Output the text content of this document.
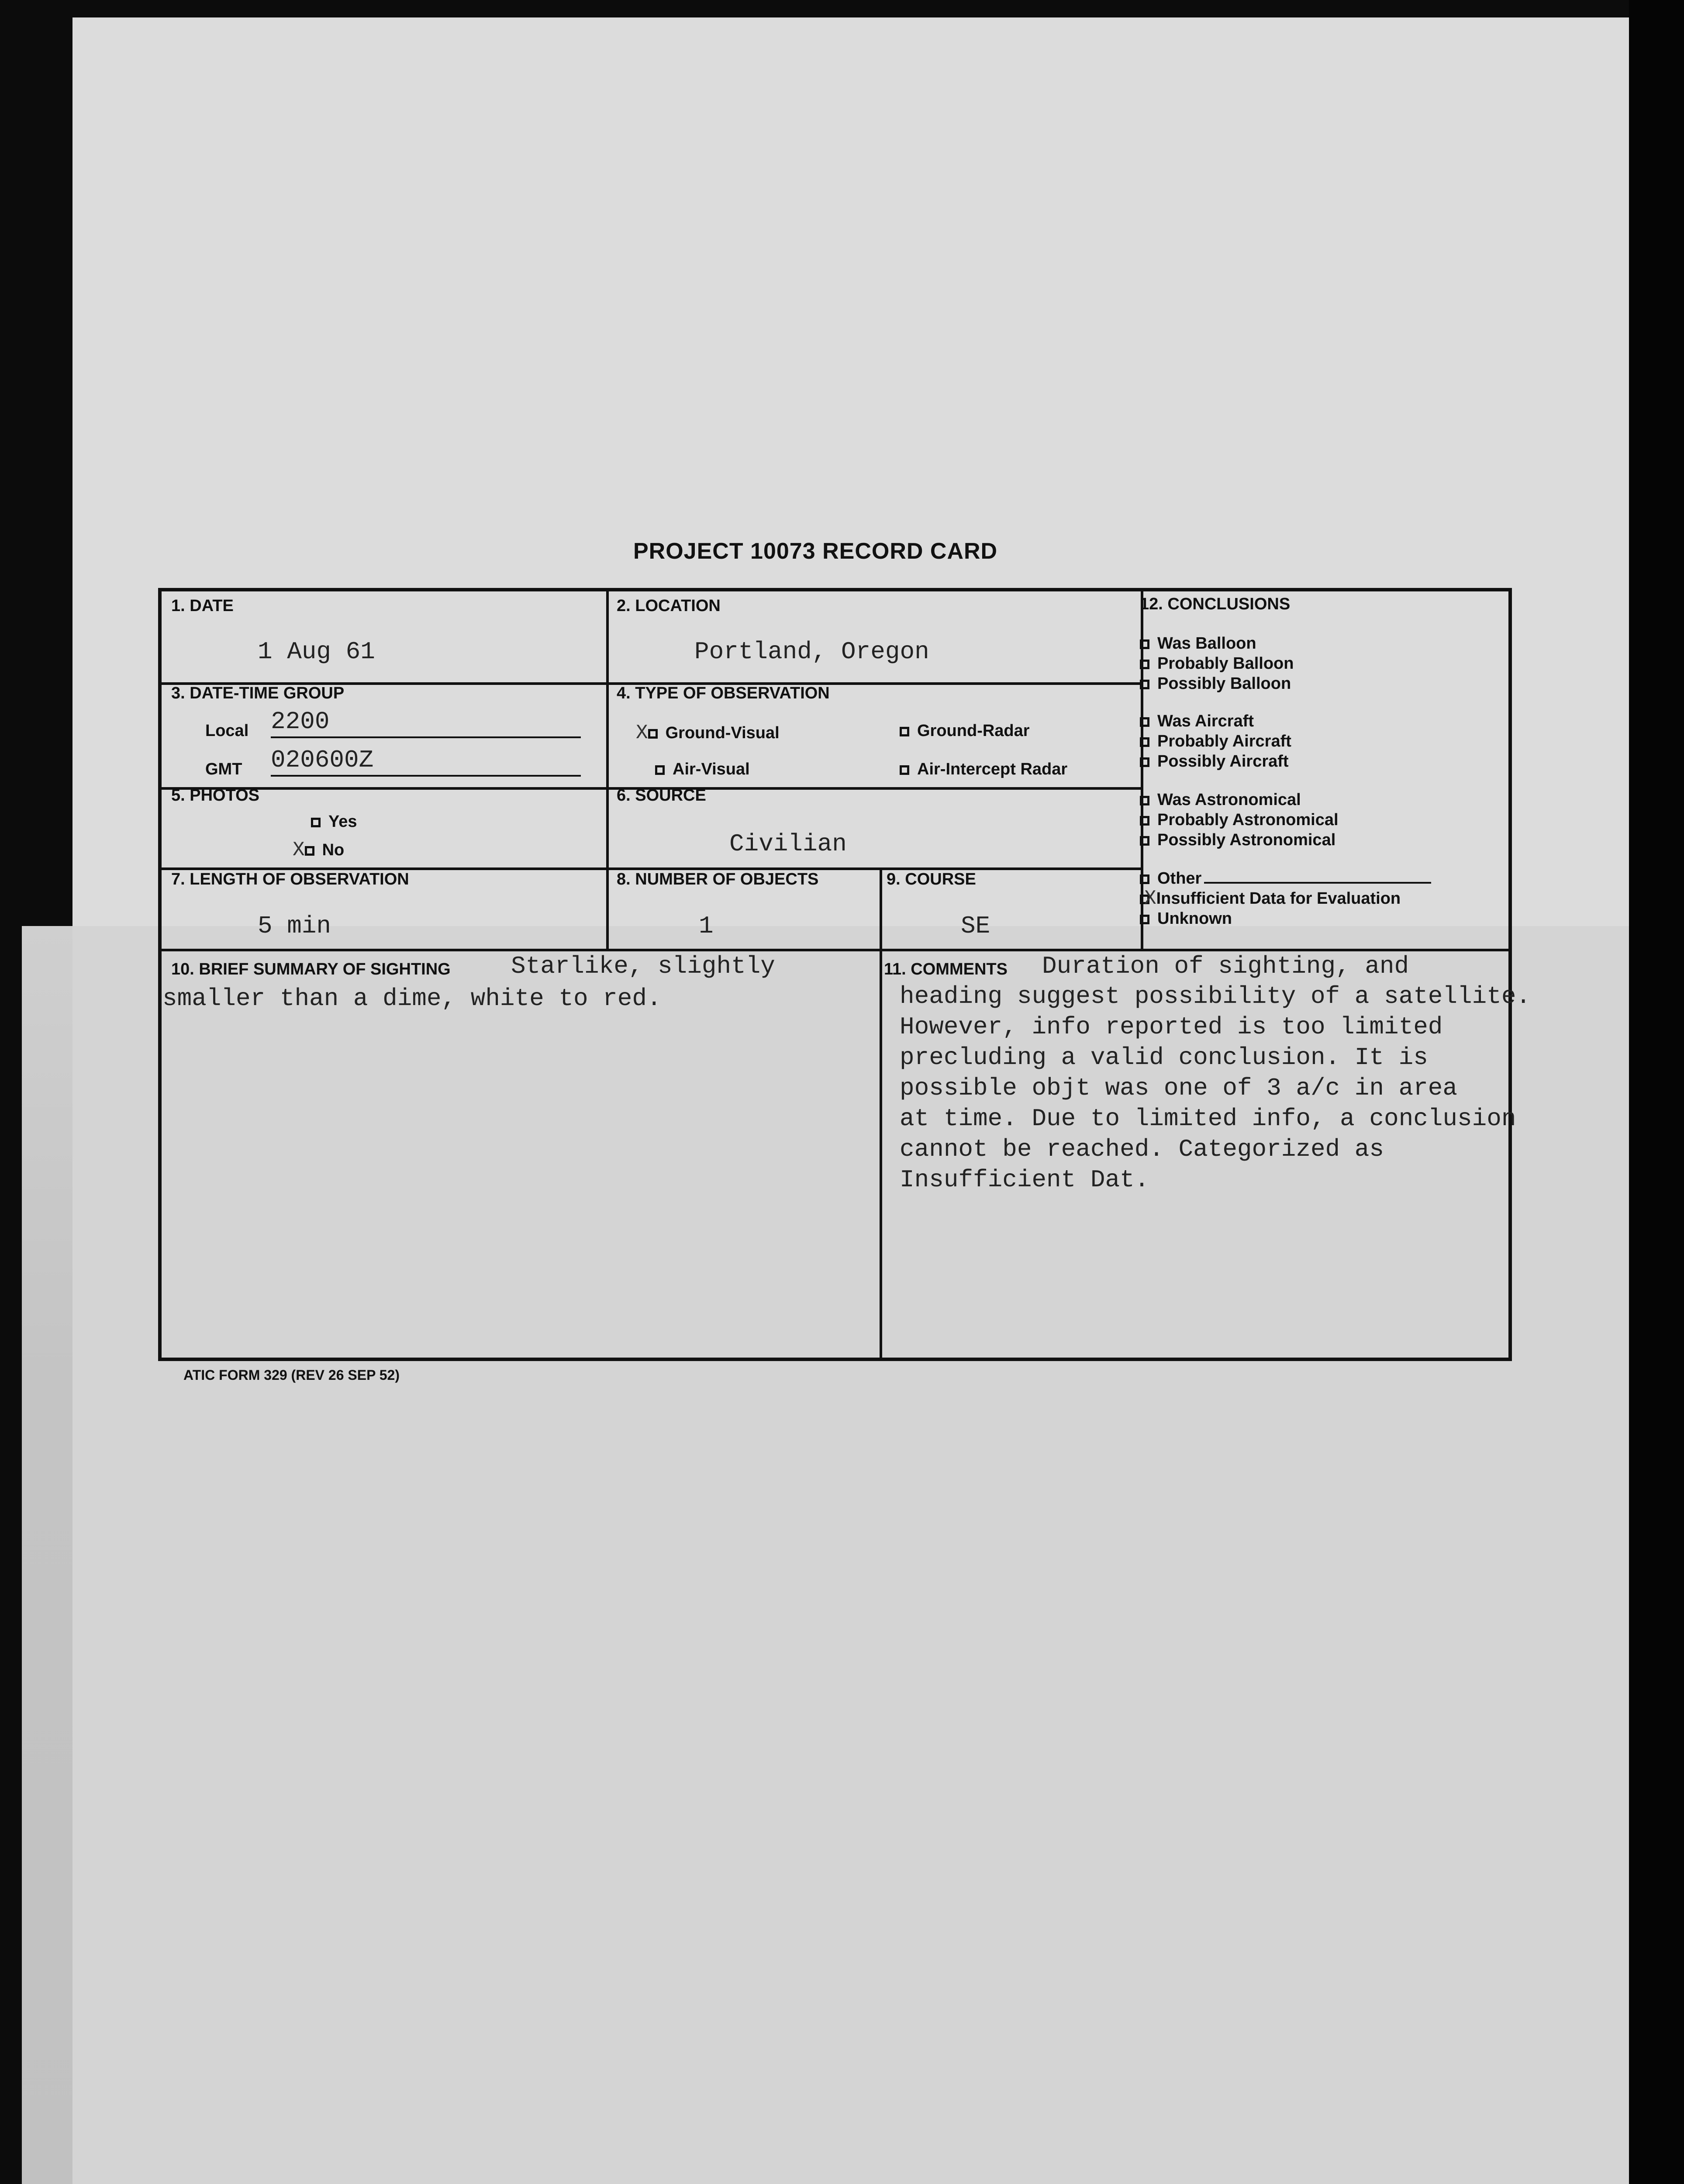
PROJECT 10073 RECORD CARD
1. DATE
1 Aug 61
2. LOCATION
Portland, Oregon
3. DATE-TIME GROUP
Local 2200
GMT 020600Z
4. TYPE OF OBSERVATION
X Ground-Visual	Ground-Radar
Air-Visual	Air-Intercept Radar
5. PHOTOS
Yes
X No
6. SOURCE
Civilian
7. LENGTH OF OBSERVATION
5 min
8. NUMBER OF OBJECTS
1
9. COURSE
SE
10. BRIEF SUMMARY OF SIGHTING Starlike, slightly
smaller than a dime, white to red.
11. COMMENTS Duration of sighting, and
heading suggest possibility of a satellite.
However, info reported is too limited
precluding a valid conclusion. It is
possible objt was one of 3 a/c in area
at time. Due to limited info, a conclusion
cannot be reached. Categorized as
Insufficient Dat.
12. CONCLUSIONS
Was Balloon
Probably Balloon
Possibly Balloon
Was Aircraft
Probably Aircraft
Possibly Aircraft
Was Astronomical
Probably Astronomical
Possibly Astronomical
Other
XInsufficient Data for Evaluation
Unknown
ATIC FORM 329 (REV 26 SEP 52)
